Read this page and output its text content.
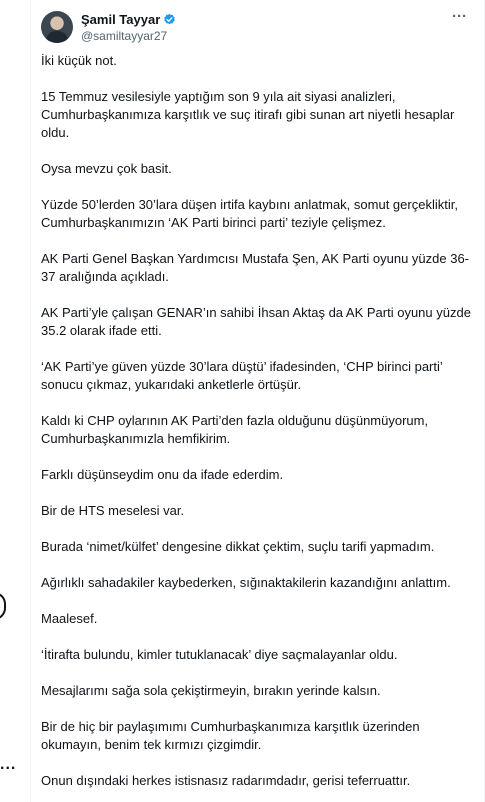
...
Şamil Tayyar
@samiltayyar27
···

İki küçük not.

15 Temmuz vesilesiyle yaptığım son 9 yıla ait siyasi analizleri, Cumhurbaşkanımıza karşıtlık ve suç itirafı gibi sunan art niyetli hesaplar oldu.

Oysa mevzu çok basit.

Yüzde 50’lerden 30’lara düşen irtifa kaybını anlatmak, somut gerçekliktir, Cumhurbaşkanımızın ‘AK Parti birinci parti’ teziyle çelişmez.

AK Parti Genel Başkan Yardımcısı Mustafa Şen, AK Parti oyunu yüzde 36-37 aralığında açıkladı.

AK Parti’yle çalışan GENAR’ın sahibi İhsan Aktaş da AK Parti oyunu yüzde 35.2 olarak ifade etti.

‘AK Parti’ye güven yüzde 30’lara düştü’ ifadesinden, ‘CHP birinci parti’ sonucu çıkmaz, yukarıdaki anketlerle örtüşür.

Kaldı ki CHP oylarının AK Parti’den fazla olduğunu düşünmüyorum, Cumhurbaşkanımızla hemfikirim.

Farklı düşünseydim onu da ifade ederdim.

Bir de HTS meselesi var.

Burada ‘nimet/külfet’ dengesine dikkat çektim, suçlu tarifi yapmadım.

Ağırlıklı sahadakiler kaybederken, sığınaktakilerin kazandığını anlattım.

Maalesef.

‘İtirafta bulundu, kimler tutuklanacak’ diye saçmalayanlar oldu.

Mesajlarımı sağa sola çekiştirmeyin, bırakın yerinde kalsın.

Bir de hiç bir paylaşımımı Cumhurbaşkanımıza karşıtlık üzerinden okumayın, benim tek kırmızı çizgimdir.

Onun dışındaki herkes istisnasız radarımdadır, gerisi teferruattır.
